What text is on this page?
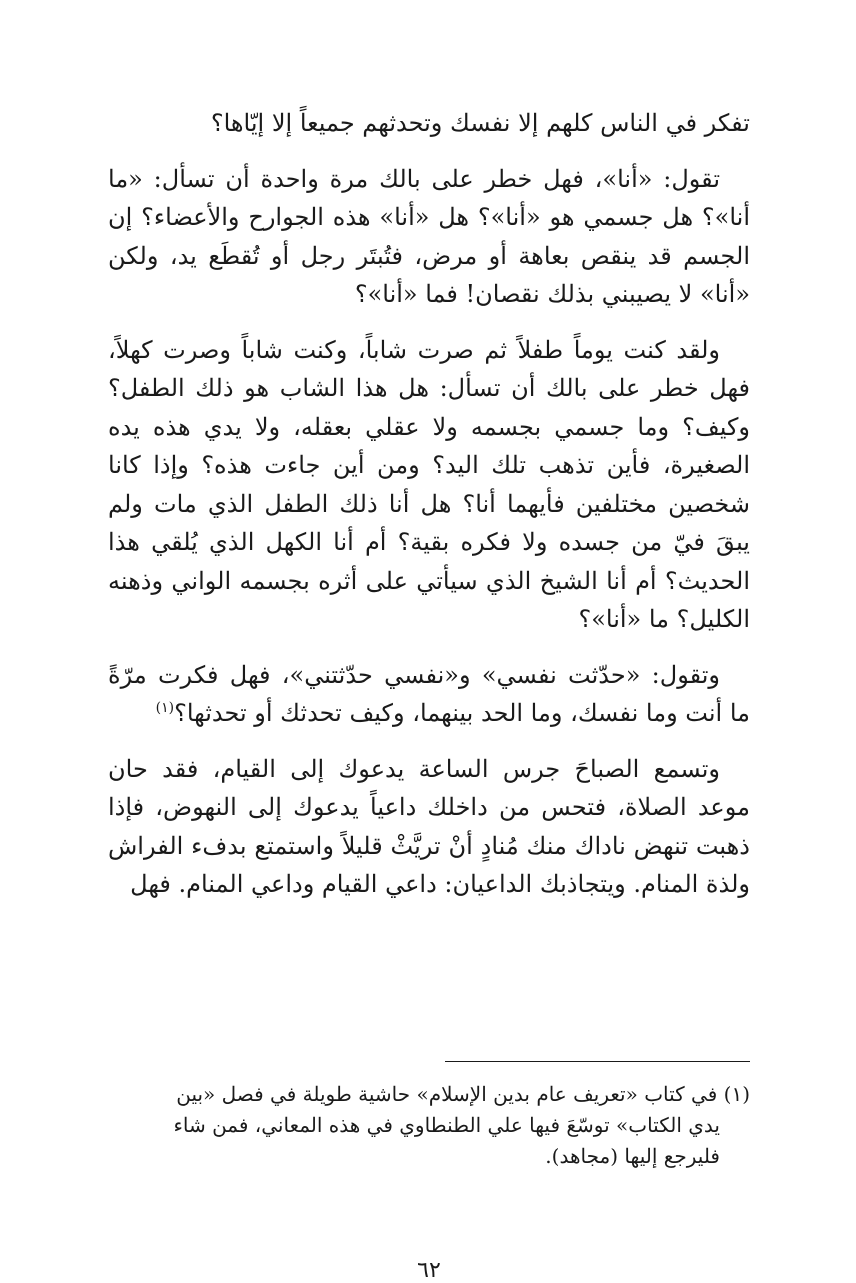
تفكر في الناس كلهم إلا نفسك وتحدثهم جميعاً إلا إيّاها؟

تقول: «أنا»، فهل خطر على بالك مرة واحدة أن تسأل: «ما أنا»؟ هل جسمي هو «أنا»؟ هل «أنا» هذه الجوارح والأعضاء؟ إن الجسم قد ينقص بعاهة أو مرض، فتُبتَر رجل أو تُقطَع يد، ولكن «أنا» لا يصيبني بذلك نقصان! فما «أنا»؟

ولقد كنت يوماً طفلاً ثم صرت شاباً، وكنت شاباً وصرت كهلاً، فهل خطر على بالك أن تسأل: هل هذا الشاب هو ذلك الطفل؟ وكيف؟ وما جسمي بجسمه ولا عقلي بعقله، ولا يدي هذه يده الصغيرة، فأين تذهب تلك اليد؟ ومن أين جاءت هذه؟ وإذا كانا شخصين مختلفين فأيهما أنا؟ هل أنا ذلك الطفل الذي مات ولم يبقَ فيّ من جسده ولا فكره بقية؟ أم أنا الكهل الذي يُلقي هذا الحديث؟ أم أنا الشيخ الذي سيأتي على أثره بجسمه الواني وذهنه الكليل؟ ما «أنا»؟

وتقول: «حدّثت نفسي» و«نفسي حدّثتني»، فهل فكرت مرّةً ما أنت وما نفسك، وما الحد بينهما، وكيف تحدثك أو تحدثها؟$^{(١)}$

وتسمع الصباحَ جرس الساعة يدعوك إلى القيام، فقد حان موعد الصلاة، فتحس من داخلك داعياً يدعوك إلى النهوض، فإذا ذهبت تنهض ناداك منك مُنادٍ أنْ تريَّثْ قليلاً واستمتع بدفء الفراش ولذة المنام. ويتجاذبك الداعيان: داعي القيام وداعي المنام. فهل

(١) في كتاب «تعريف عام بدين الإسلام» حاشية طويلة في فصل «بين
يدي الكتاب» توسّعَ فيها علي الطنطاوي في هذه المعاني، فمن شاء
فليرجع إليها (مجاهد).
٦٢
